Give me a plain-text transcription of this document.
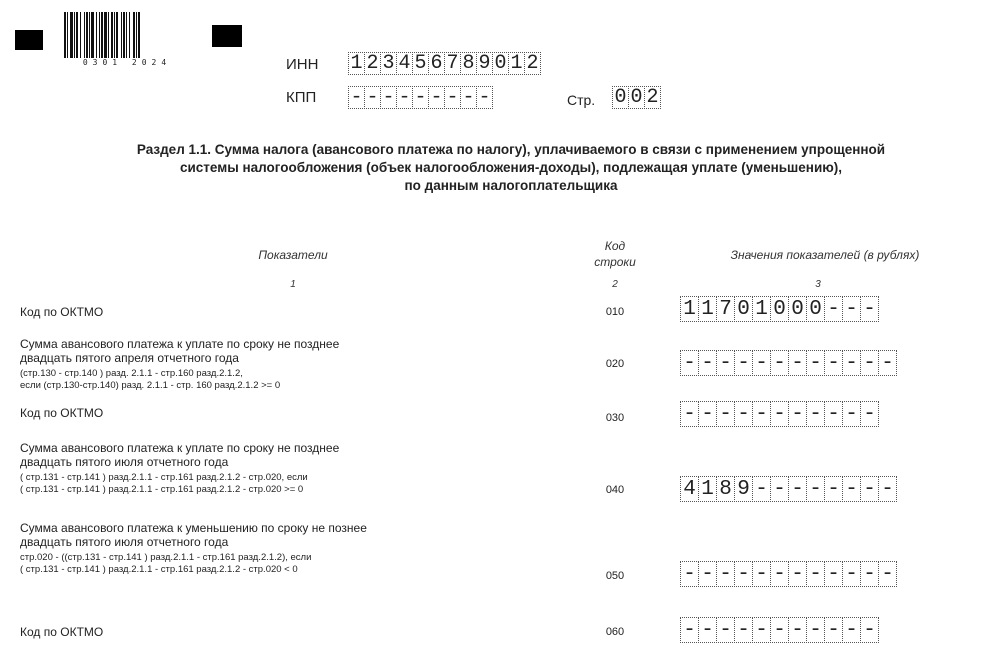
0301 2024	ИНН 1 2 3 4 5 6 7 8 9 0 1 2
КПП - - - - - - - - -	Стр. 0 0 2
Раздел 1.1. Сумма налога (авансового платежа по налогу), уплачиваемого в связи с применением упрощенной
системы налогообложения (объек налогообложения-доходы), подлежащая уплате (уменьшению),
по данным налогоплательщика
Показатели
Код
строки	Значения показателей (в рублях)
1	2	3
Код по ОКТМО	010	1 1 7 0 1 0 0 0 - - -
Сумма авансового платежа к уплате по сроку не позднее
двадцать пятого апреля отчетного года
(стр.130 - стр.140 ) разд. 2.1.1 - стр.160 разд.2.1.2,
если (стр.130-стр.140) разд. 2.1.1 - стр. 160 разд.2.1.2 >= 0
020	- - - - - - - - - - - -
Код по ОКТМО	030	- - - - - - - - - - -
Сумма авансового платежа к уплате по сроку не позднее
двадцать пятого июля отчетного года
( стр.131 - стр.141 ) разд.2.1.1 - стр.161 разд.2.1.2 - стр.020, если
( стр.131 - стр.141 ) разд.2.1.1 - стр.161 разд.2.1.2 - стр.020 >= 0	040	4 1 8 9 - - - - - - - -
Сумма авансового платежа к уменьшению по сроку не познее
двадцать пятого июля отчетного года
стр.020 - ((стр.131 - стр.141 ) разд.2.1.1 - стр.161 разд.2.1.2), если
( стр.131 - стр.141 ) разд.2.1.1 - стр.161 разд.2.1.2 - стр.020 < 0
050	- - - - - - - - - - - -
Код по ОКТМО	060	- - - - - - - - - - -
